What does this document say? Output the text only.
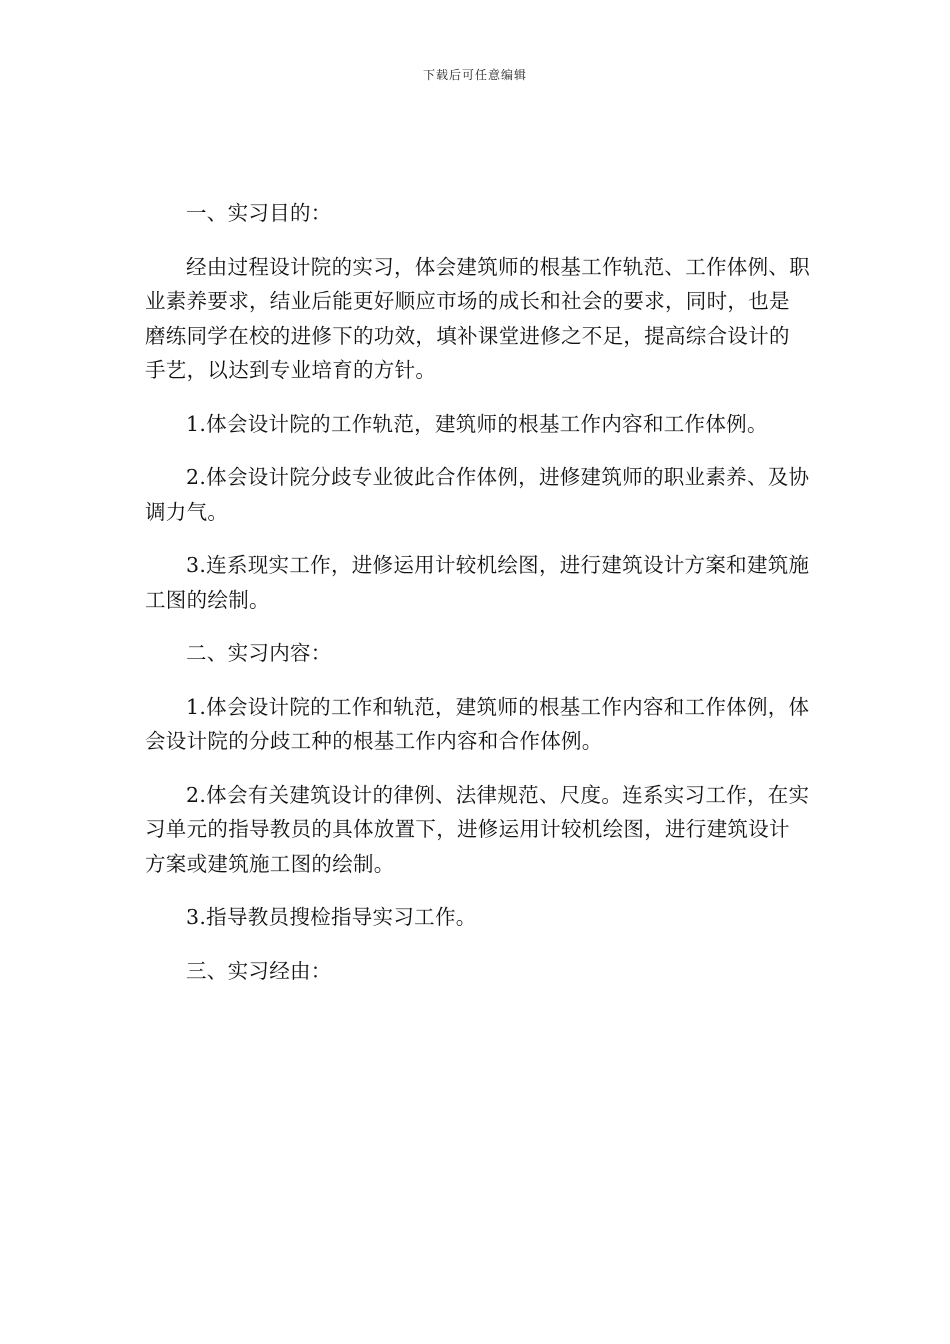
下载后可任意编辑

一、实习目的：

经由过程设计院的实习，体会建筑师的根基工作轨范、工作体例、职业素养要求，结业后能更好顺应市场的成长和社会的要求，同时，也是磨练同学在校的进修下的功效，填补课堂进修之不足，提高综合设计的手艺，以达到专业培育的方针。

1.体会设计院的工作轨范，建筑师的根基工作内容和工作体例。

2.体会设计院分歧专业彼此合作体例，进修建筑师的职业素养、及协调力气。

3.连系现实工作，进修运用计较机绘图，进行建筑设计方案和建筑施工图的绘制。

二、实习内容：

1.体会设计院的工作和轨范，建筑师的根基工作内容和工作体例，体会设计院的分歧工种的根基工作内容和合作体例。

2.体会有关建筑设计的律例、法律规范、尺度。连系实习工作，在实习单元的指导教员的具体放置下，进修运用计较机绘图，进行建筑设计方案或建筑施工图的绘制。

3.指导教员搜检指导实习工作。

三、实习经由：
